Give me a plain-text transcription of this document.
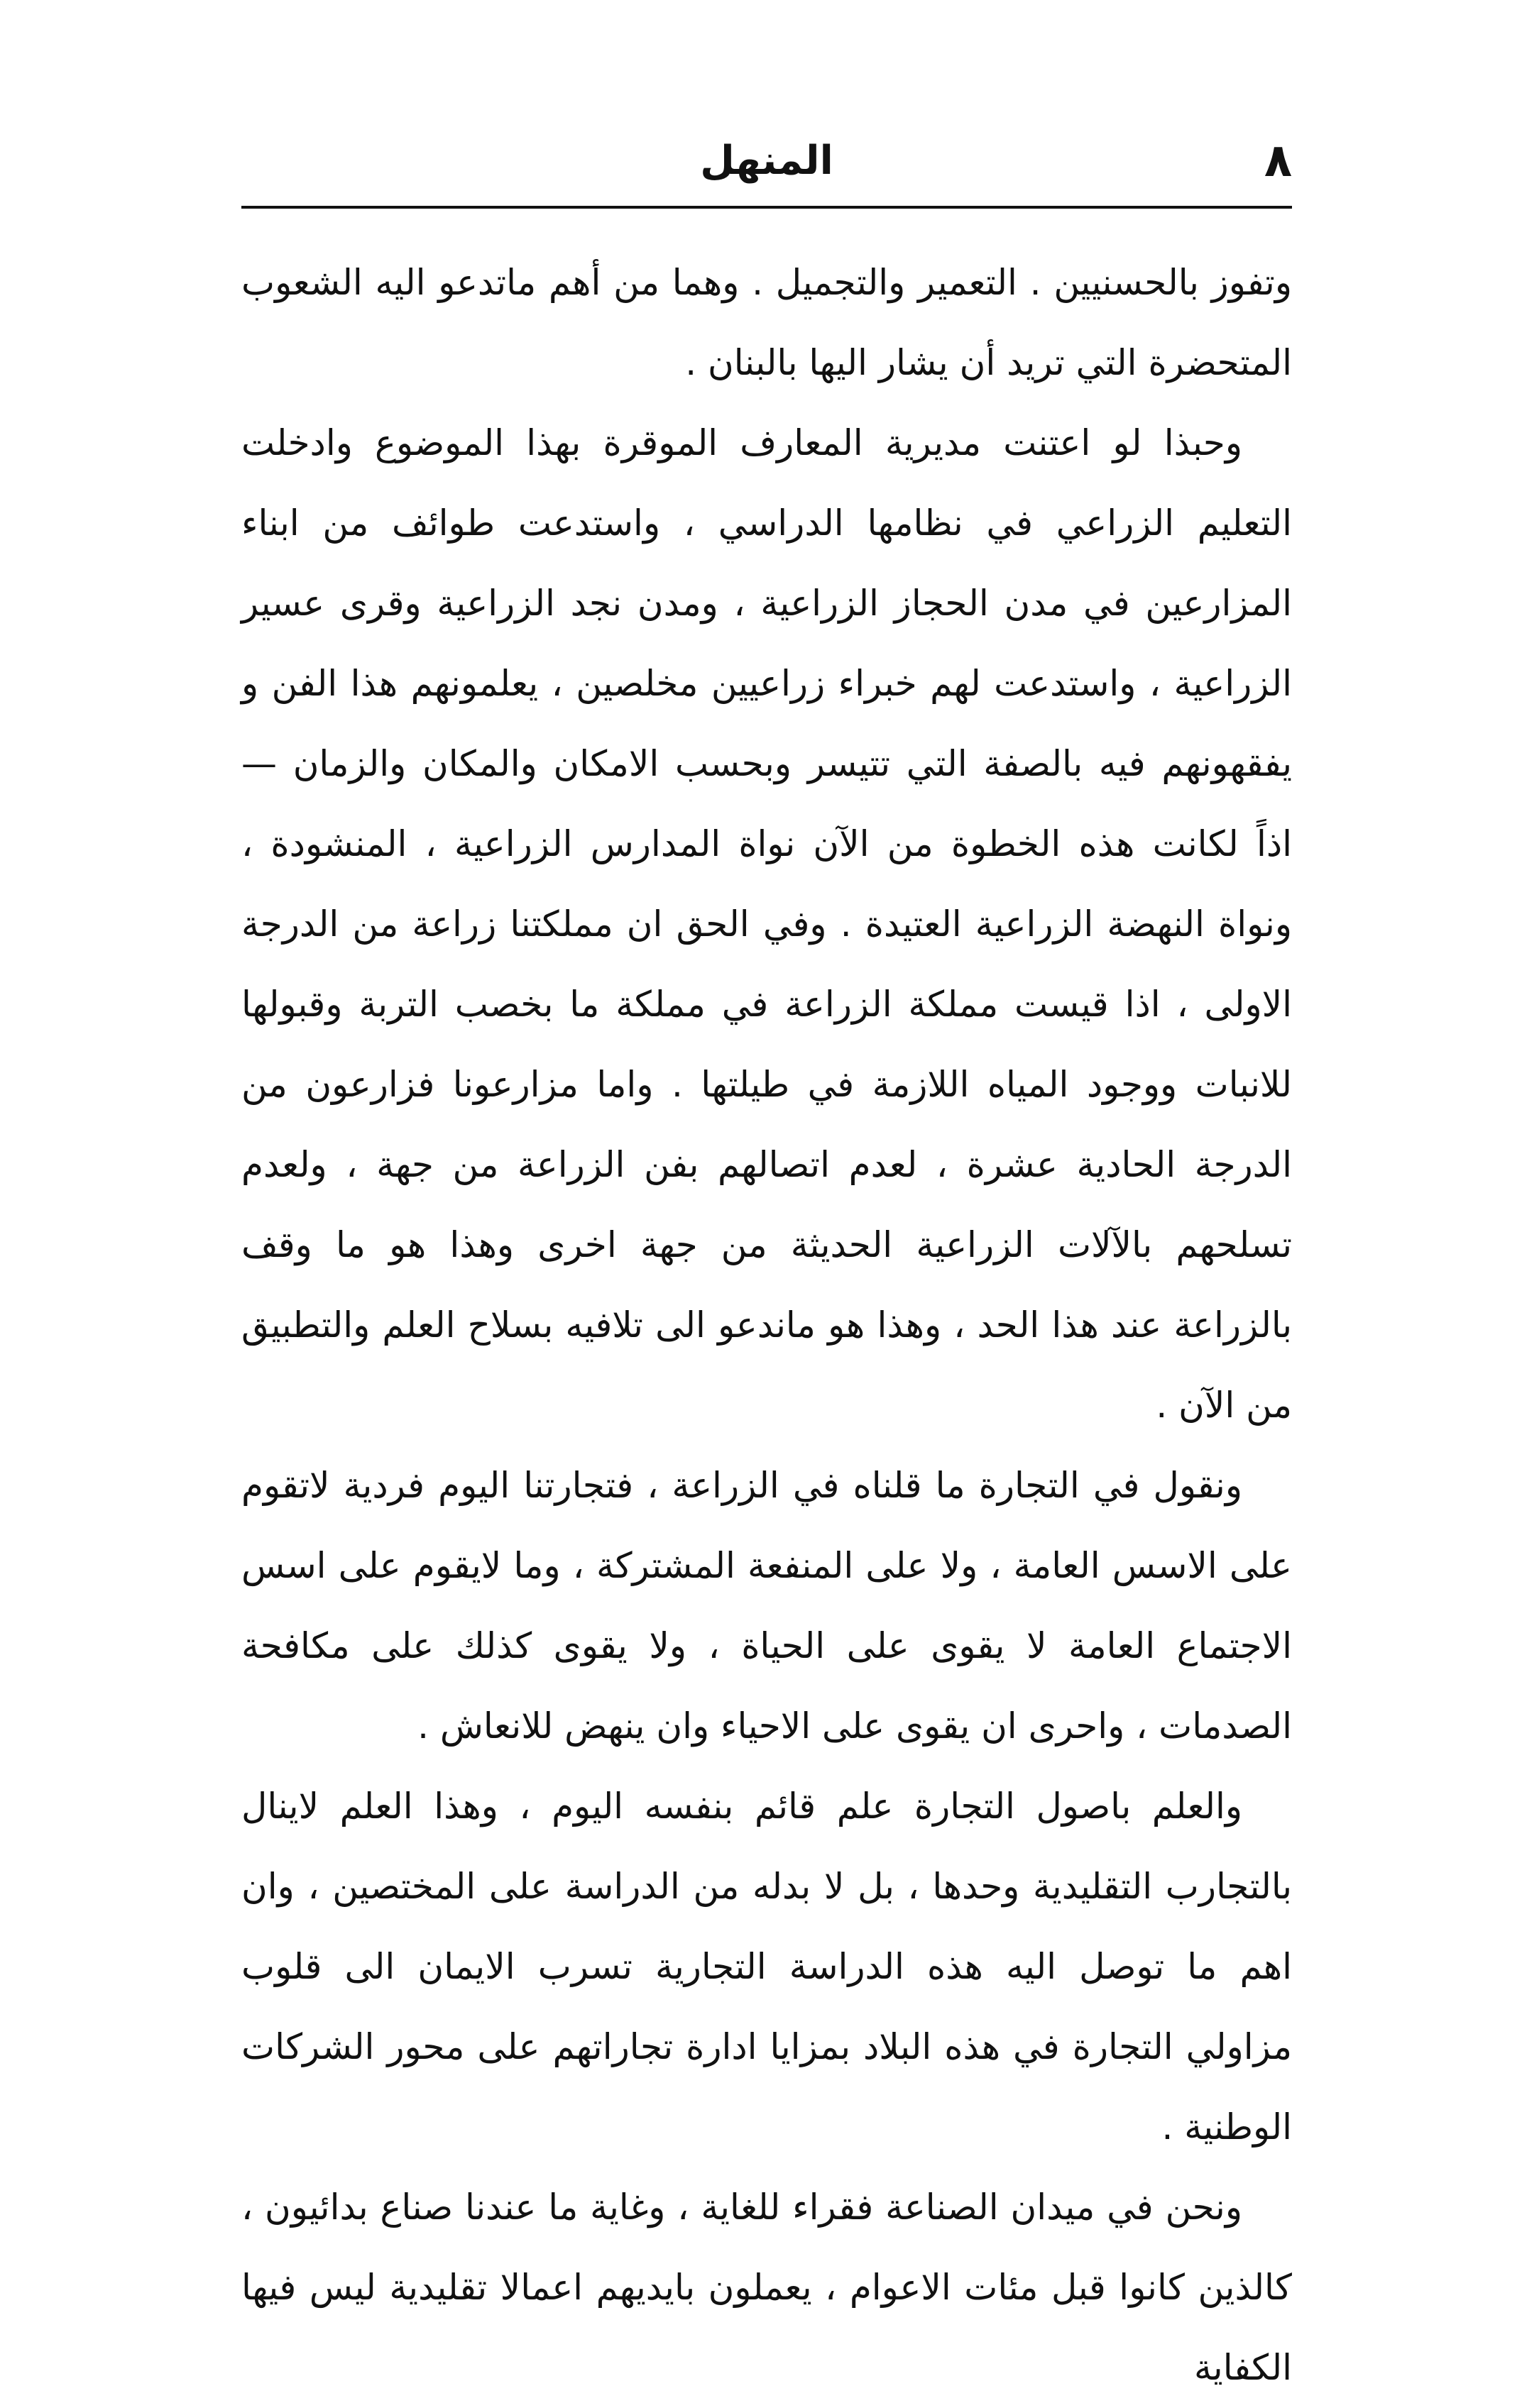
٨
المنهل

وتفوز بالحسنيين . التعمير والتجميل . وهما من أهم ماتدعو اليه الشعوب المتحضرة التي تريد أن يشار اليها بالبنان .

وحبذا لو اعتنت مديرية المعارف الموقرة بهذا الموضوع وادخلت التعليم الزراعي في نظامها الدراسي ، واستدعت طوائف من ابناء المزارعين في مدن الحجاز الزراعية ، ومدن نجد الزراعية وقرى عسير الزراعية ، واستدعت لهم خبراء زراعيين مخلصين ، يعلمونهم هذا الفن و يفقهونهم فيه بالصفة التي تتيسر وبحسب الامكان والمكان والزمان — اذاً لكانت هذه الخطوة من الآن نواة المدارس الزراعية ، المنشودة ، ونواة النهضة الزراعية العتيدة . وفي الحق ان مملكتنا زراعة من الدرجة الاولى ، اذا قيست مملكة الزراعة في مملكة ما بخصب التربة وقبولها للانبات ووجود المياه اللازمة في طيلتها . واما مزارعونا فزارعون من الدرجة الحادية عشرة ، لعدم اتصالهم بفن الزراعة من جهة ، ولعدم تسلحهم بالآلات الزراعية الحديثة من جهة اخرى وهذا هو ما وقف بالزراعة عند هذا الحد ، وهذا هو ماندعو الى تلافيه بسلاح العلم والتطبيق من الآن .

ونقول في التجارة ما قلناه في الزراعة ، فتجارتنا اليوم فردية لاتقوم على الاسس العامة ، ولا على المنفعة المشتركة ، وما لايقوم على اسس الاجتماع العامة لا يقوى على الحياة ، ولا يقوى كذلك على مكافحة الصدمات ، واحرى ان يقوى على الاحياء وان ينهض للانعاش .

والعلم باصول التجارة علم قائم بنفسه اليوم ، وهذا العلم لاينال بالتجارب التقليدية وحدها ، بل لا بدله من الدراسة على المختصين ، وان اهم ما توصل اليه هذه الدراسة التجارية تسرب الايمان الى قلوب مزاولي التجارة في هذه البلاد بمزايا ادارة تجاراتهم على محور الشركات الوطنية .

ونحن في ميدان الصناعة فقراء للغاية ، وغاية ما عندنا صناع بدائيون ، كالذين كانوا قبل مئات الاعوام ، يعملون بايديهم اعمالا تقليدية ليس فيها الكفاية
